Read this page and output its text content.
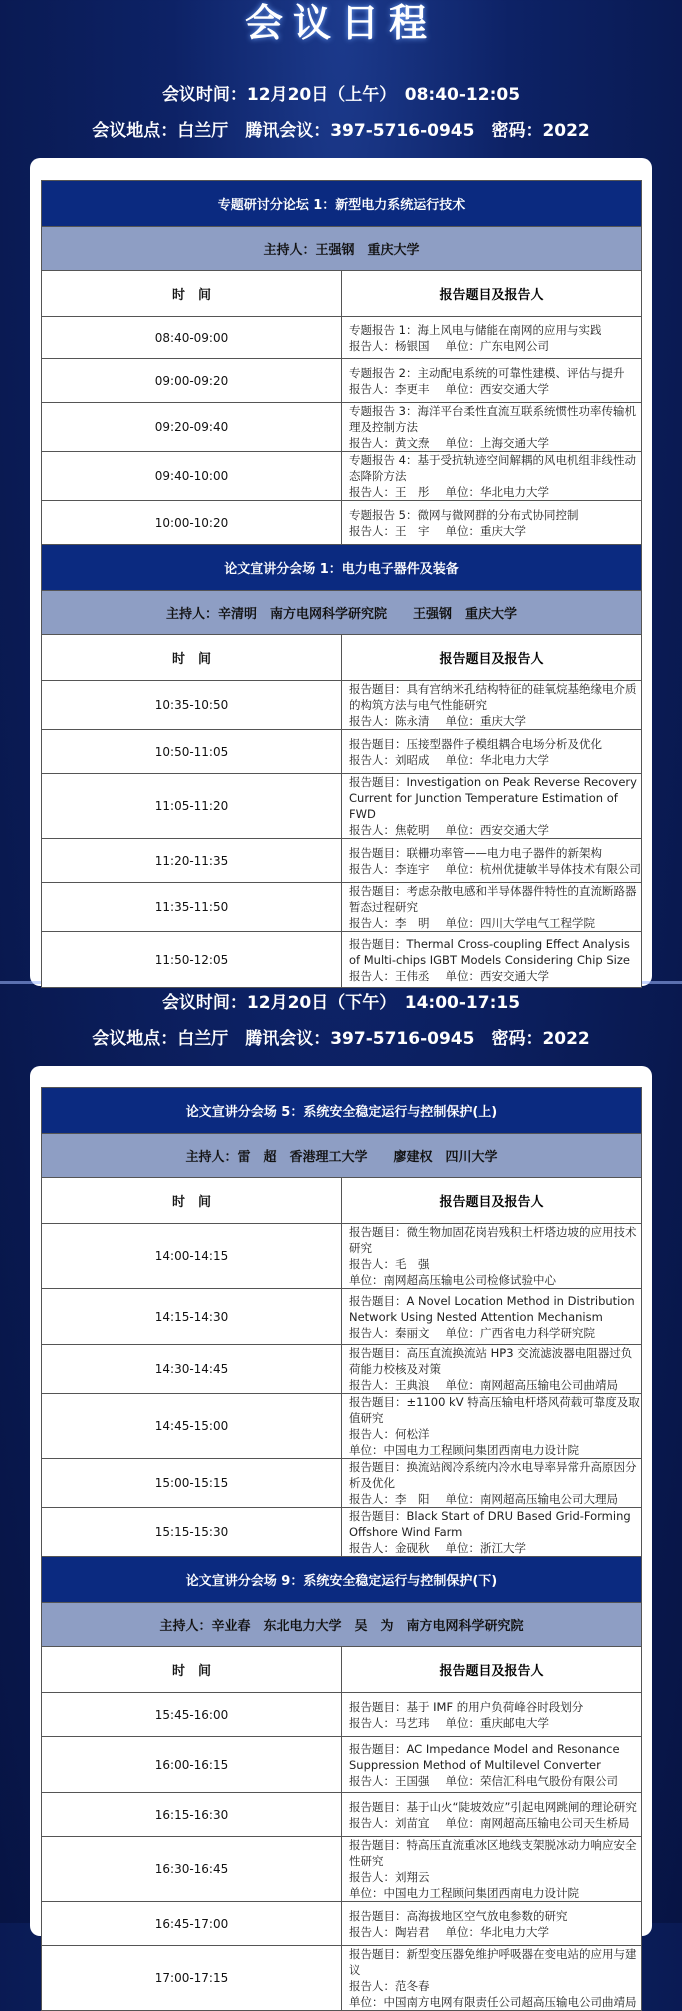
会议日程
会议时间：12月20日（上午）　08:40-12:05
会议地点：白兰厅　腾讯会议：397-5716-0945　密码：2022
会议时间：12月20日（下午）　14:00-17:15
会议地点：白兰厅　腾讯会议：397-5716-0945　密码：2022
专题研讨分论坛 1：新型电力系统运行技术	
主持人：王强钢　重庆大学	
时　间	报告题目及报告人
08:40-09:00	专题报告 1：海上风电与储能在南网的应用与实践
报告人：杨银国 单位：广东电网公司

09:00-09:20	专题报告 2：主动配电系统的可靠性建模、评估与提升
报告人：李更丰 单位：西安交通大学

09:20-09:40	专题报告 3：海洋平台柔性直流互联系统惯性功率传输机理及控制方法
报告人：黄文焘 单位：上海交通大学

09:40-10:00	专题报告 4：基于受抗轨迹空间解耦的风电机组非线性动态降阶方法
报告人：王　彤 单位：华北电力大学

10:00-10:20	专题报告 5：微网与微网群的分布式协同控制
报告人：王　宇 单位：重庆大学

论文宣讲分会场 1：电力电子器件及装备	
主持人：辛清明　南方电网科学研究院　　王强钢　重庆大学	
时　间	报告题目及报告人
10:35-10:50	报告题目：具有宫纳米孔结构特征的硅氧烷基绝缘电介质的构筑方法与电气性能研究
报告人：陈永清 单位：重庆大学

10:50-11:05	报告题目：压接型器件子模组耦合电场分析及优化
报告人：刘昭成 单位：华北电力大学

11:05-11:20	报告题目：Investigation on Peak Reverse Recovery Current for Junction Temperature Estimation of FWD
报告人：焦乾明 单位：西安交通大学

11:20-11:35	报告题目：联栅功率管——电力电子器件的新架构
报告人：李连宇 单位：杭州优捷敏半导体技术有限公司

11:35-11:50	报告题目：考虑杂散电感和半导体器件特性的直流断路器暂态过程研究
报告人：李　明 单位：四川大学电气工程学院

11:50-12:05	报告题目：Thermal Cross-coupling Effect Analysis of Multi-chips IGBT Models Considering Chip Size
报告人：王伟丞 单位：西安交通大学
论文宣讲分会场 5：系统安全稳定运行与控制保护(上)	
主持人：雷　超　香港理工大学　　廖建权　四川大学	
时　间	报告题目及报告人
14:00-14:15	报告题目：微生物加固花岗岩残积土杆塔边坡的应用技术研究
报告人：毛　强单位：南网超高压输电公司检修试验中心

14:15-14:30	报告题目：A Novel Location Method in Distribution Network Using Nested Attention Mechanism
报告人：秦丽文 单位：广西省电力科学研究院

14:30-14:45	报告题目：高压直流换流站 HP3 交流滤波器电阻器过负荷能力校核及对策
报告人：王典浪 单位：南网超高压输电公司曲靖局

14:45-15:00	报告题目：±1100 kV 特高压输电杆塔风荷载可靠度及取值研究
报告人：何松洋单位：中国电力工程顾问集团西南电力设计院

15:00-15:15	报告题目：换流站阀冷系统内冷水电导率异常升高原因分析及优化
报告人：李　阳 单位：南网超高压输电公司大理局

15:15-15:30	报告题目：Black Start of DRU Based Grid-Forming Offshore Wind Farm
报告人：金砚秋 单位：浙江大学

论文宣讲分会场 9：系统安全稳定运行与控制保护(下)	
主持人：辛业春　东北电力大学　吴　为　南方电网科学研究院	
时　间	报告题目及报告人
15:45-16:00	报告题目：基于 IMF 的用户负荷峰谷时段划分
报告人：马艺玮 单位：重庆邮电大学

16:00-16:15	报告题目：AC Impedance Model and Resonance Suppression Method of Multilevel Converter
报告人：王国强 单位：荣信汇科电气股份有限公司

16:15-16:30	报告题目：基于山火“陡坡效应”引起电网跳闸的理论研究
报告人：刘苗宜 单位：南网超高压输电公司天生桥局

16:30-16:45	报告题目：特高压直流重冰区地线支架脱冰动力响应安全性研究
报告人：刘翔云单位：中国电力工程顾问集团西南电力设计院

16:45-17:00	报告题目：高海拔地区空气放电参数的研究
报告人：陶岩君 单位：华北电力大学

17:00-17:15	报告题目：新型变压器免维护呼吸器在变电站的应用与建议
报告人：范冬春单位：中国南方电网有限责任公司超高压输电公司曲靖局
